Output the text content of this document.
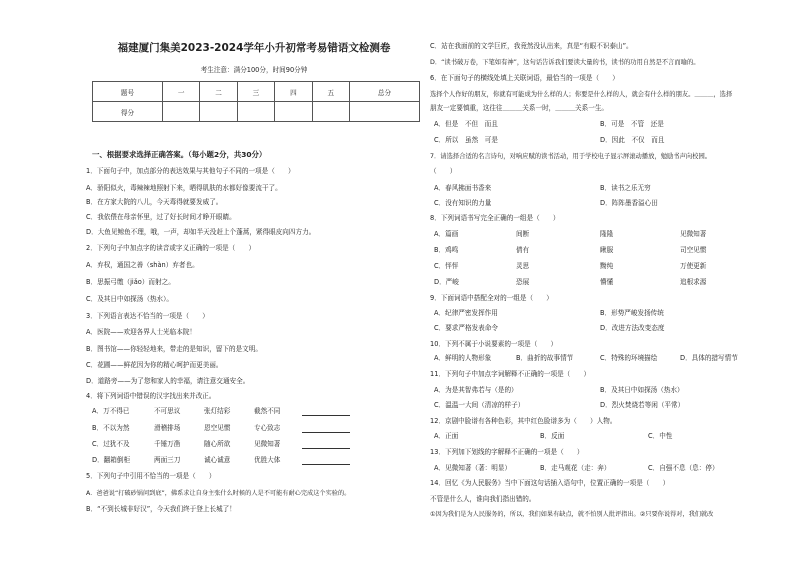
福建厦门集美2023-2024学年小升初常考易错语文检测卷
考生注意：满分100分，时间90分钟
题号	一	二	三	四	五	总分
得分						
一、根据要求选择正确答案。（每小题2分，共30分）
1．下面句子中，加点部分的表达效果与其他句子不同的一项是（　　）
A．骄阳似火，毒辣辣地照射下来，晒得肌肤的水都好像要流干了。
B．在方家大院的八儿，今天毒得就要发威了。
C．我依偎在母亲怀里，过了好长时间才睁开眼睛。
D．大鱼见鲸鱼不理，哦，一声，却如半天没赶上个蓬蒿，紧得眼皮向四方力。
2．下列句子中加点字的读音或字义正确的一项是（　　）
A．弃权，通国之善（shàn）弃者也。
B．思振弓缴（jiǎo）而射之。
C．及其日中如探汤（热水）。
3．下列语言表达不恰当的一项是（　　）
A．医院——欢迎各界人士光临本院！
B．图书馆——你轻轻地来，带走的是知识，留下的是文明。
C．花圃——鲜花因为你的精心呵护而更美丽。
D．道路旁——为了您和家人的幸福，请注意交通安全。
4．将下列词语中错误的汉字找出来并改正。
A．万不得已	不可思议	张灯结彩	截然不同
B．不以为然	滑稽排场	恩空见惯	专心致志
C．过犹不及	千锤万凿	随心所欲	见微知著
D．翻箱倒柜	两面三刀	诚心诚意	优胜大体
5．下列句子中引用不恰当的一项是（　　）
A．爸爸说“打破砂锅问到底”，佛系求让自身主张什么时候的人是不可能有耐心完成这个实验的。
B．“不到长城非好汉”，今天我们终于登上长城了！
C．站在我面前的文学巨匠，我竟然没认出来，真是“有眼不识泰山”。
D．“读书破万卷，下笔如有神”，这句话告诉我们要读大量的书，读书的功用自然是不言而喻的。
6．在下面句子的横线处填上关联词语，最恰当的一项是（　　）
选择个人作好的朋友，你就有可能成为什么样的人；你要是什么样的人，就会有什么样的朋友。＿＿＿，选择
朋友一定要慎重，这往往＿＿＿关系一时，＿＿＿关系一生。
A．但是　不但　而且	B．可是　不管　还是
C．所以　虽然　可是	D．因此　不仅　而且
7．请选择合适的名言诗句，对响应赋的读书活动，用于学校电子显示屏滚动播放，勉励书声向校园。
（　　）
A．春风拂面书香来	B．读书之乐无穷
C．没有知识的力量	D．阵阵墨香溢心田
8．下列词语书写完全正确的一组是（　　）
A．篇画	间断	隆隆	见微知著
B．鸡鸣	倩有	瞅服	司空见惯
C．怦怦	灵思	黝纯	万使更新
D．严峻	恐展	懵懂	追根求源
9．下面词语中搭配全对的一组是（　　）
A．纪律严密发挥作用	B．形势严峻发扬传统
C．要求严格发表命令	D．改进方法改变态度
10．下列不属于小说要素的一项是（　　）
A．鲜明的人物形象	B．曲折的故事情节	C．特殊的环境描绘	D．具体的措写情节
11．下列句子中加点字词解释不正确的一项是（　　）
A．为是其智弗若与（是的）	B．及其日中如探汤（热水）
C．温温一大间（清凉的样子）	D．烈火焚烧若等闲（平常）
12．京剧中脸谱有各种色彩，其中红色脸谱多为（　　）人物。
A．正面	B．反面	C．中性
13．下列加下划线的字解释不正确的一项是（　　）
A．见微知著（著：明显）	B．走马观花（走：奔）	C．自强不息（息：停）
14．回忆《为人民服务》当中下面这句话插入语句中，位置正确的一项是（　　）
不管是什么人，谁向我们指出错的。
①因为我们是为人民服务的，所以，我们如果有缺点，就不怕别人批评指出。②只要你说得对，我们就改
